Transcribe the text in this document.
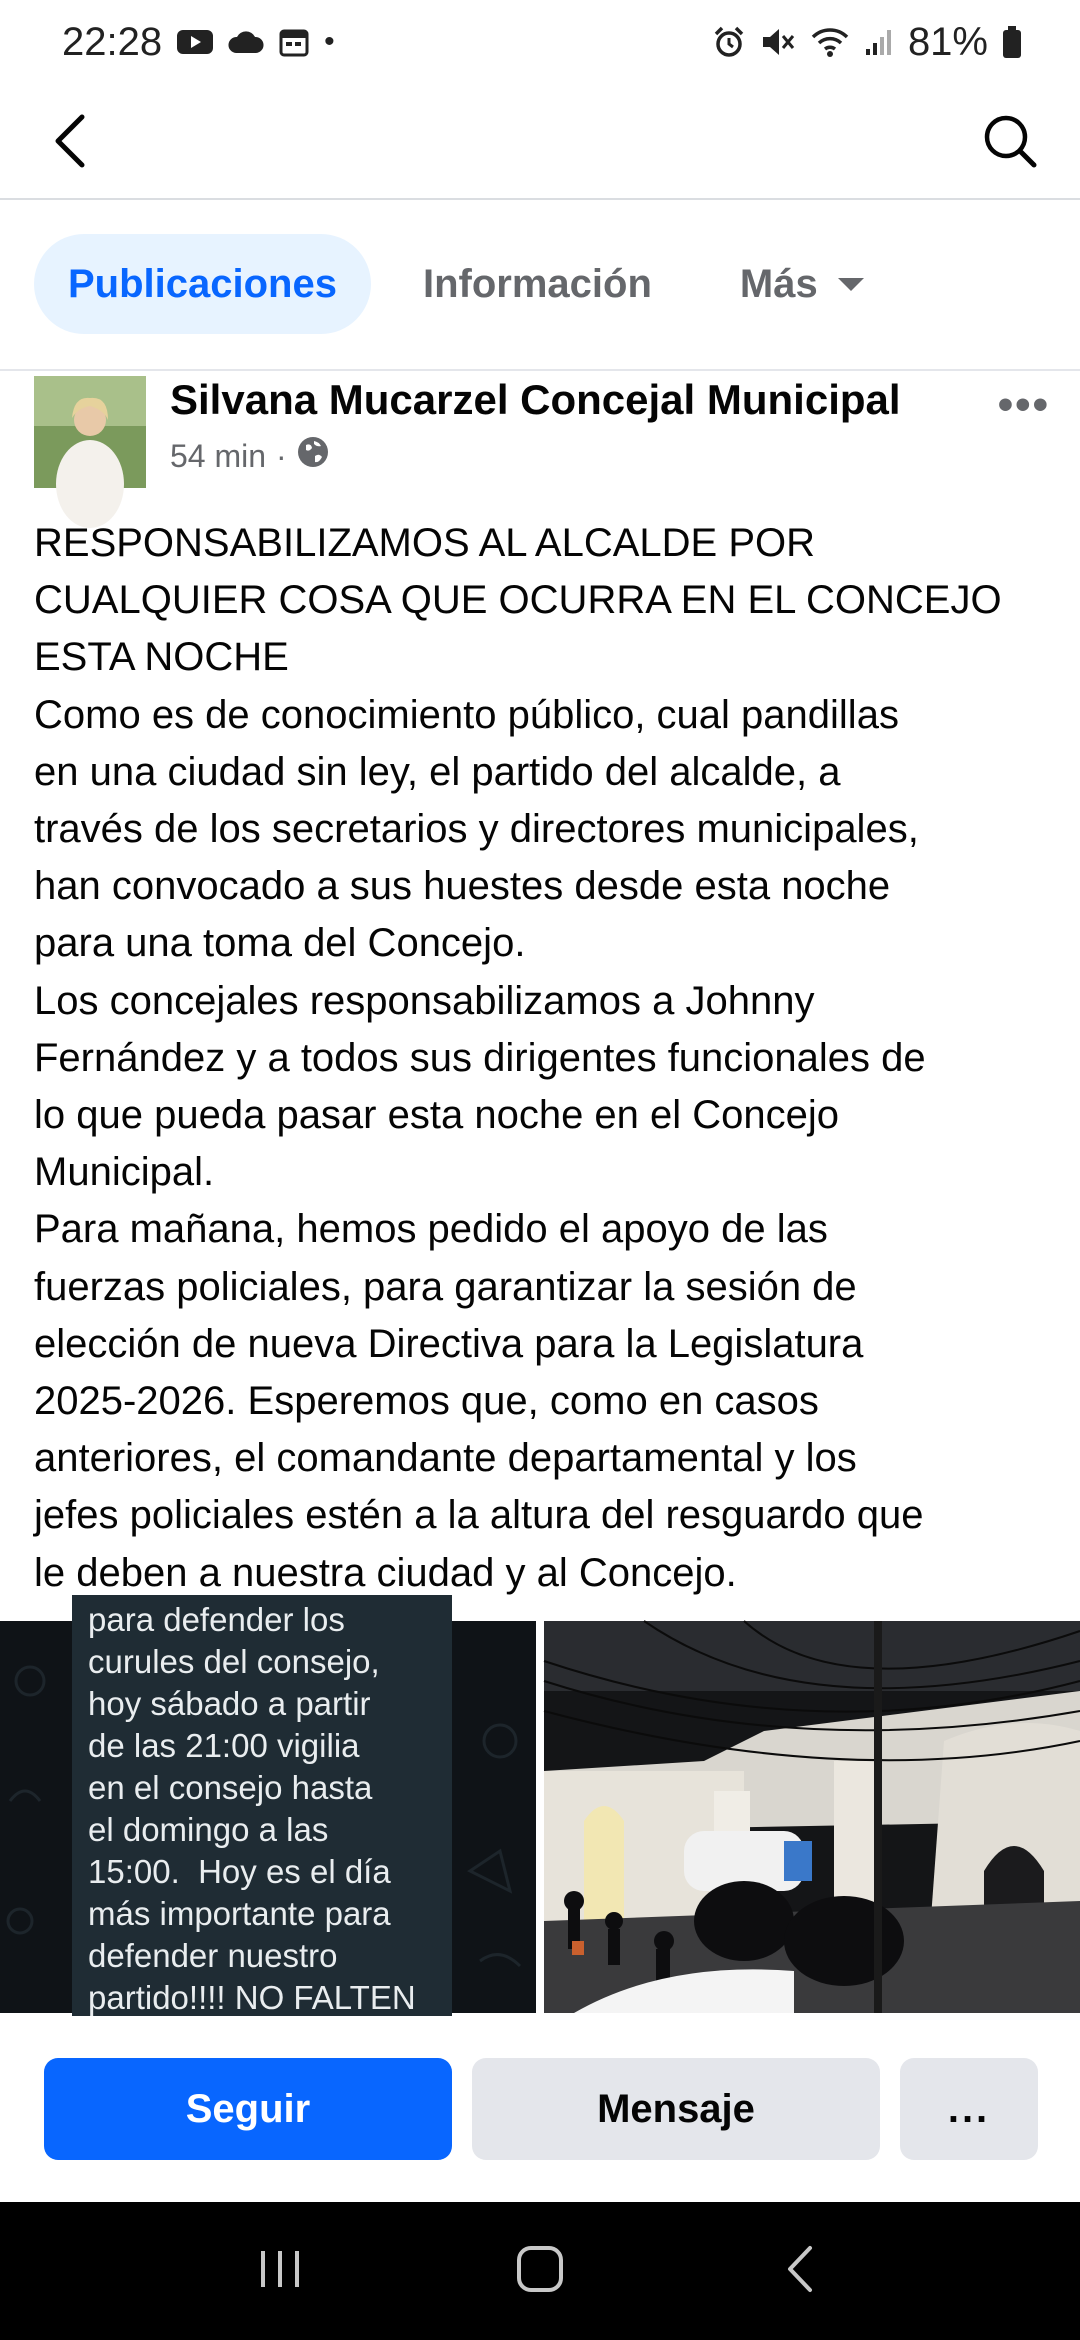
22:28	•	81%
Publicaciones Información Más
Silvana Mucarzel Concejal Municipal
54 min ·
•••

RESPONSABILIZAMOS AL ALCALDE POR

CUALQUIER COSA QUE OCURRA EN EL CONCEJO

ESTA NOCHE

Como es de conocimiento público, cual pandillas

en una ciudad sin ley, el partido del alcalde, a

través de los secretarios y directores municipales,

han convocado a sus huestes desde esta noche

para una toma del Concejo.

Los concejales responsabilizamos a Johnny

Fernández y a todos sus dirigentes funcionales de

lo que pueda pasar esta noche en el Concejo

Municipal.

Para mañana, hemos pedido el apoyo de las

fuerzas policiales, para garantizar la sesión de

elección de nueva Directiva para la Legislatura

2025-2026. Esperemos que, como en casos

anteriores, el comandante departamental y los

jefes policiales estén a la altura del resguardo que

le deben a nuestra ciudad y al Concejo.

para defender los
curules del consejo,
hoy sábado a partir
de las 21:00 vigilia
en el consejo hasta
el domingo a las
15:00.  Hoy es el día
más importante para
defender nuestro
partido!!!! NO FALTEN
Seguir	Mensaje	...
